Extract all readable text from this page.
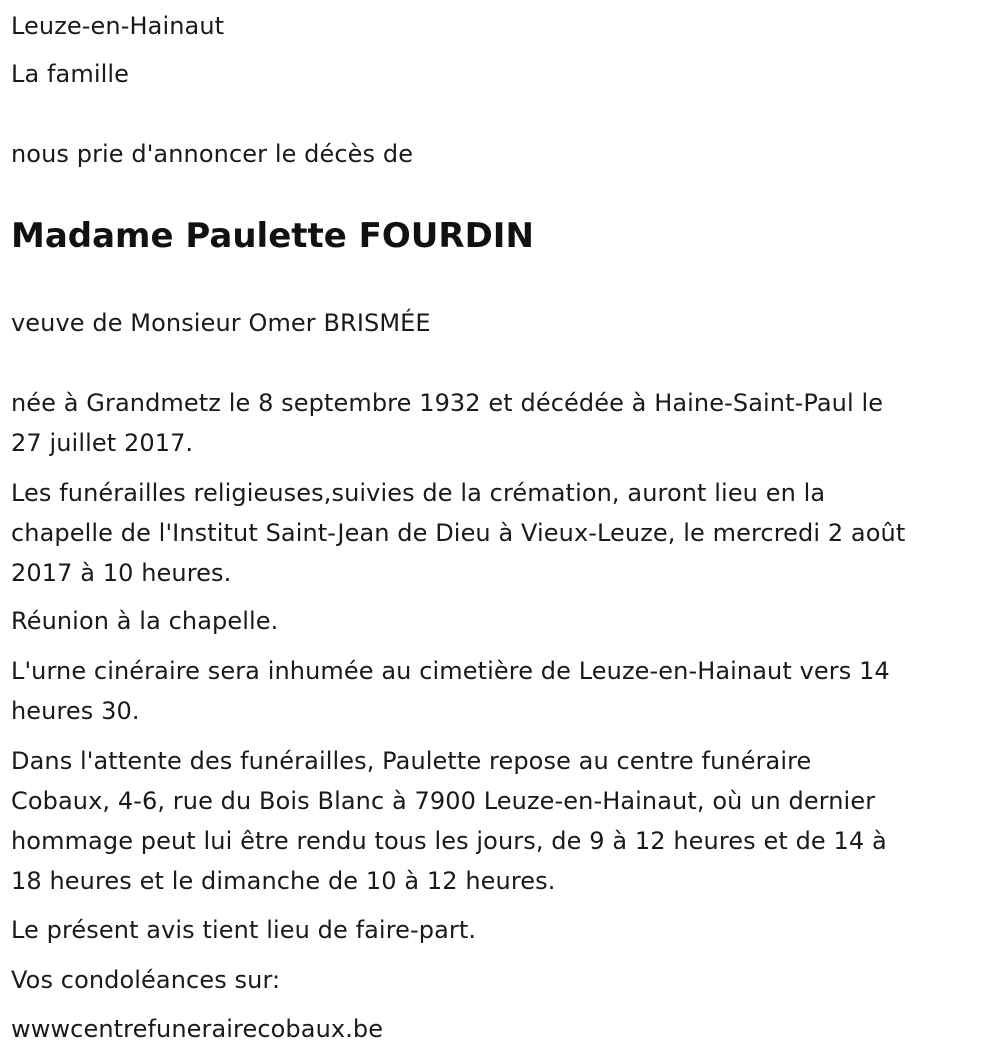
Leuze-en-Hainaut

La famille

nous prie d'annoncer le décès de

Madame Paulette FOURDIN

veuve de Monsieur Omer BRISMÉE

née à Grandmetz le 8 septembre 1932 et décédée à Haine-Saint-Paul le

27 juillet 2017.

Les funérailles religieuses,suivies de la crémation, auront lieu en la

chapelle de l'Institut Saint-Jean de Dieu à Vieux-Leuze, le mercredi 2 août

2017 à 10 heures.

Réunion à la chapelle.

L'urne cinéraire sera inhumée au cimetière de Leuze-en-Hainaut vers 14

heures 30.

Dans l'attente des funérailles, Paulette repose au centre funéraire

Cobaux, 4-6, rue du Bois Blanc à 7900 Leuze-en-Hainaut, où un dernier

hommage peut lui être rendu tous les jours, de 9 à 12 heures et de 14 à

18 heures et le dimanche de 10 à 12 heures.

Le présent avis tient lieu de faire-part.

Vos condoléances sur:

wwwcentrefunerairecobaux.be
